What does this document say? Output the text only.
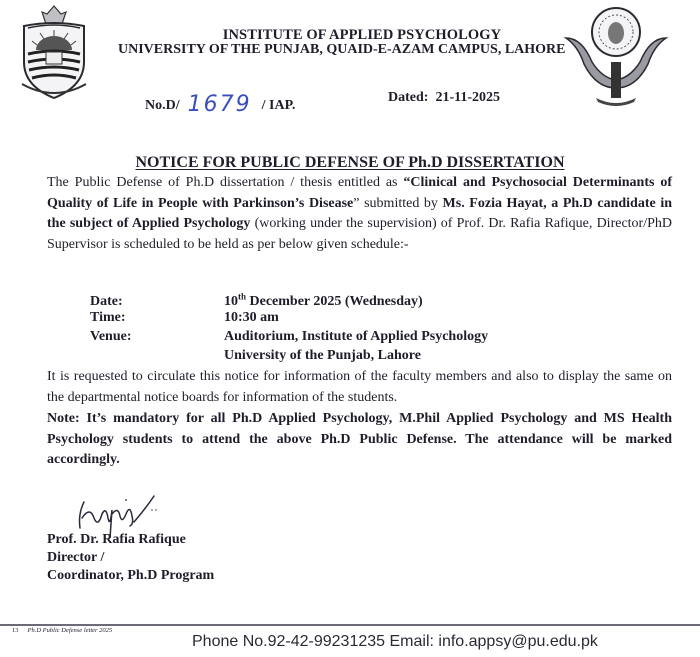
INSTITUTE OF APPLIED PSYCHOLOGY
UNIVERSITY OF THE PUNJAB, QUAID-E-AZAM CAMPUS, LAHORE
No.D/ 1679 / IAP.
Dated: 21-11-2025
NOTICE FOR PUBLIC DEFENSE OF Ph.D DISSERTATION
The Public Defense of Ph.D dissertation / thesis entitled as “Clinical and Psychosocial Determinants of Quality of Life in People with Parkinson’s Disease” submitted by Ms. Fozia Hayat, a Ph.D candidate in the subject of Applied Psychology (working under the supervision) of Prof. Dr. Rafia Rafique, Director/PhD Supervisor is scheduled to be held as per below given schedule:-
Date:	10th December 2025 (Wednesday)
Time:	10:30 am
Venue:	Auditorium, Institute of Applied Psychology
University of the Punjab, Lahore
It is requested to circulate this notice for information of the faculty members and also to display the same on the departmental notice boards for information of the students.
Note: It’s mandatory for all Ph.D Applied Psychology, M.Phil Applied Psychology and MS Health Psychology students to attend the above Ph.D Public Defense. The attendance will be marked accordingly.
Prof. Dr. Rafia Rafique
Director /
Coordinator, Ph.D Program
13 Ph.D Public Defense letter 2025
Phone No.92-42-99231235 Email: info.appsy@pu.edu.pk
